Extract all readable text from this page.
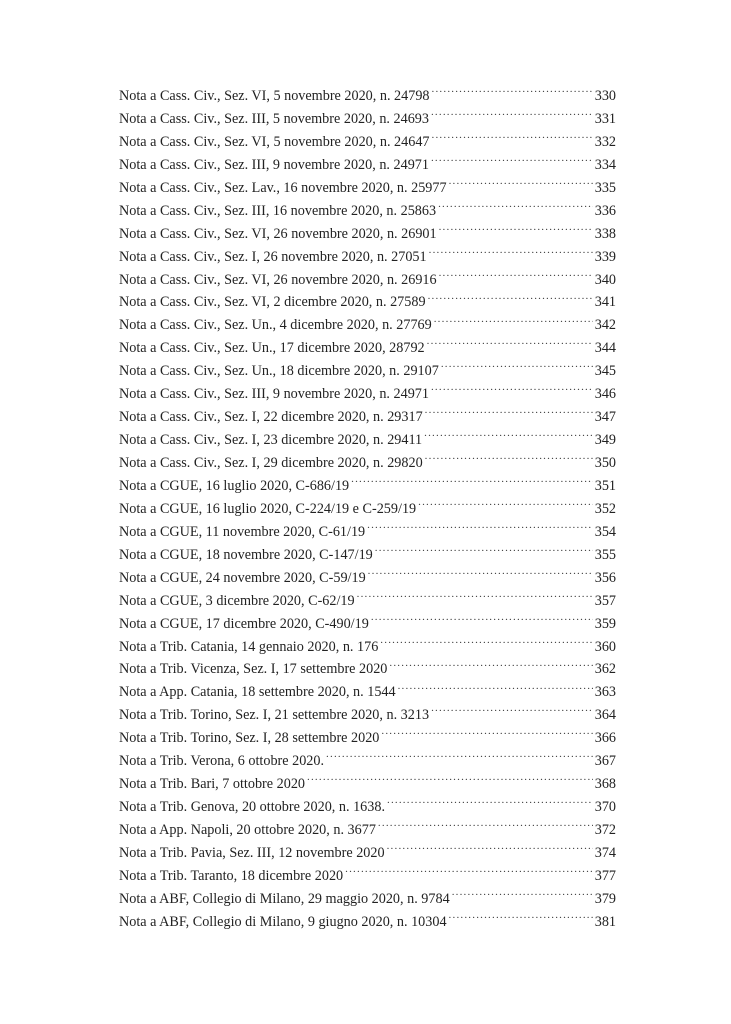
Nota a Cass. Civ., Sez. VI, 5 novembre 2020, n. 24798 .....	330
Nota a Cass. Civ., Sez. III, 5 novembre 2020, n. 24693 .....	331
Nota a Cass. Civ., Sez. VI, 5 novembre 2020, n. 24647 .....	332
Nota a Cass. Civ., Sez. III, 9 novembre 2020, n. 24971 .....	334
Nota a Cass. Civ., Sez. Lav., 16 novembre 2020, n. 25977 .....	335
Nota a Cass. Civ., Sez. III, 16 novembre 2020, n. 25863 .....	336
Nota a Cass. Civ., Sez. VI, 26 novembre 2020, n. 26901 .....	338
Nota a Cass. Civ., Sez. I, 26 novembre 2020, n. 27051 .....	339
Nota a Cass. Civ., Sez. VI, 26 novembre 2020, n. 26916 .....	340
Nota a Cass. Civ., Sez. VI, 2 dicembre 2020, n. 27589 .....	341
Nota a Cass. Civ., Sez. Un., 4 dicembre 2020, n. 27769 .....	342
Nota a Cass. Civ., Sez. Un., 17 dicembre 2020, 28792 .....	344
Nota a Cass. Civ., Sez. Un., 18 dicembre 2020, n. 29107 .....	345
Nota a Cass. Civ., Sez. III, 9 novembre 2020, n. 24971 .....	346
Nota a Cass. Civ., Sez. I, 22 dicembre 2020, n. 29317 .....	347
Nota a Cass. Civ., Sez. I, 23 dicembre 2020, n. 29411 .....	349
Nota a Cass. Civ., Sez. I, 29 dicembre 2020, n. 29820 .....	350
Nota a CGUE, 16 luglio 2020, C-686/19 .....	351
Nota a CGUE, 16 luglio 2020, C-224/19 e C-259/19 .....	352
Nota a CGUE, 11 novembre 2020, C-61/19 .....	354
Nota a CGUE, 18 novembre 2020, C-147/19 .....	355
Nota a CGUE, 24 novembre 2020, C-59/19 .....	356
Nota a CGUE, 3 dicembre 2020, C-62/19 .....	357
Nota a CGUE, 17 dicembre 2020, C-490/19 .....	359
Nota a Trib. Catania, 14 gennaio 2020, n. 176 .....	360
Nota a Trib. Vicenza, Sez. I, 17 settembre 2020 .....	362
Nota a App. Catania, 18 settembre 2020, n. 1544 .....	363
Nota a Trib. Torino, Sez. I, 21 settembre 2020, n. 3213 .....	364
Nota a Trib. Torino, Sez. I, 28 settembre 2020 .....	366
Nota a Trib. Verona, 6 ottobre 2020. .....	367
Nota a Trib. Bari, 7 ottobre 2020 .....	368
Nota a Trib. Genova, 20 ottobre 2020, n. 1638. .....	370
Nota a App. Napoli, 20 ottobre 2020, n. 3677 .....	372
Nota a Trib. Pavia, Sez. III, 12 novembre 2020 .....	374
Nota a Trib. Taranto, 18 dicembre 2020 .....	377
Nota a ABF, Collegio di Milano, 29 maggio 2020, n. 9784 .....	379
Nota a ABF, Collegio di Milano, 9 giugno 2020, n. 10304 .....	381
